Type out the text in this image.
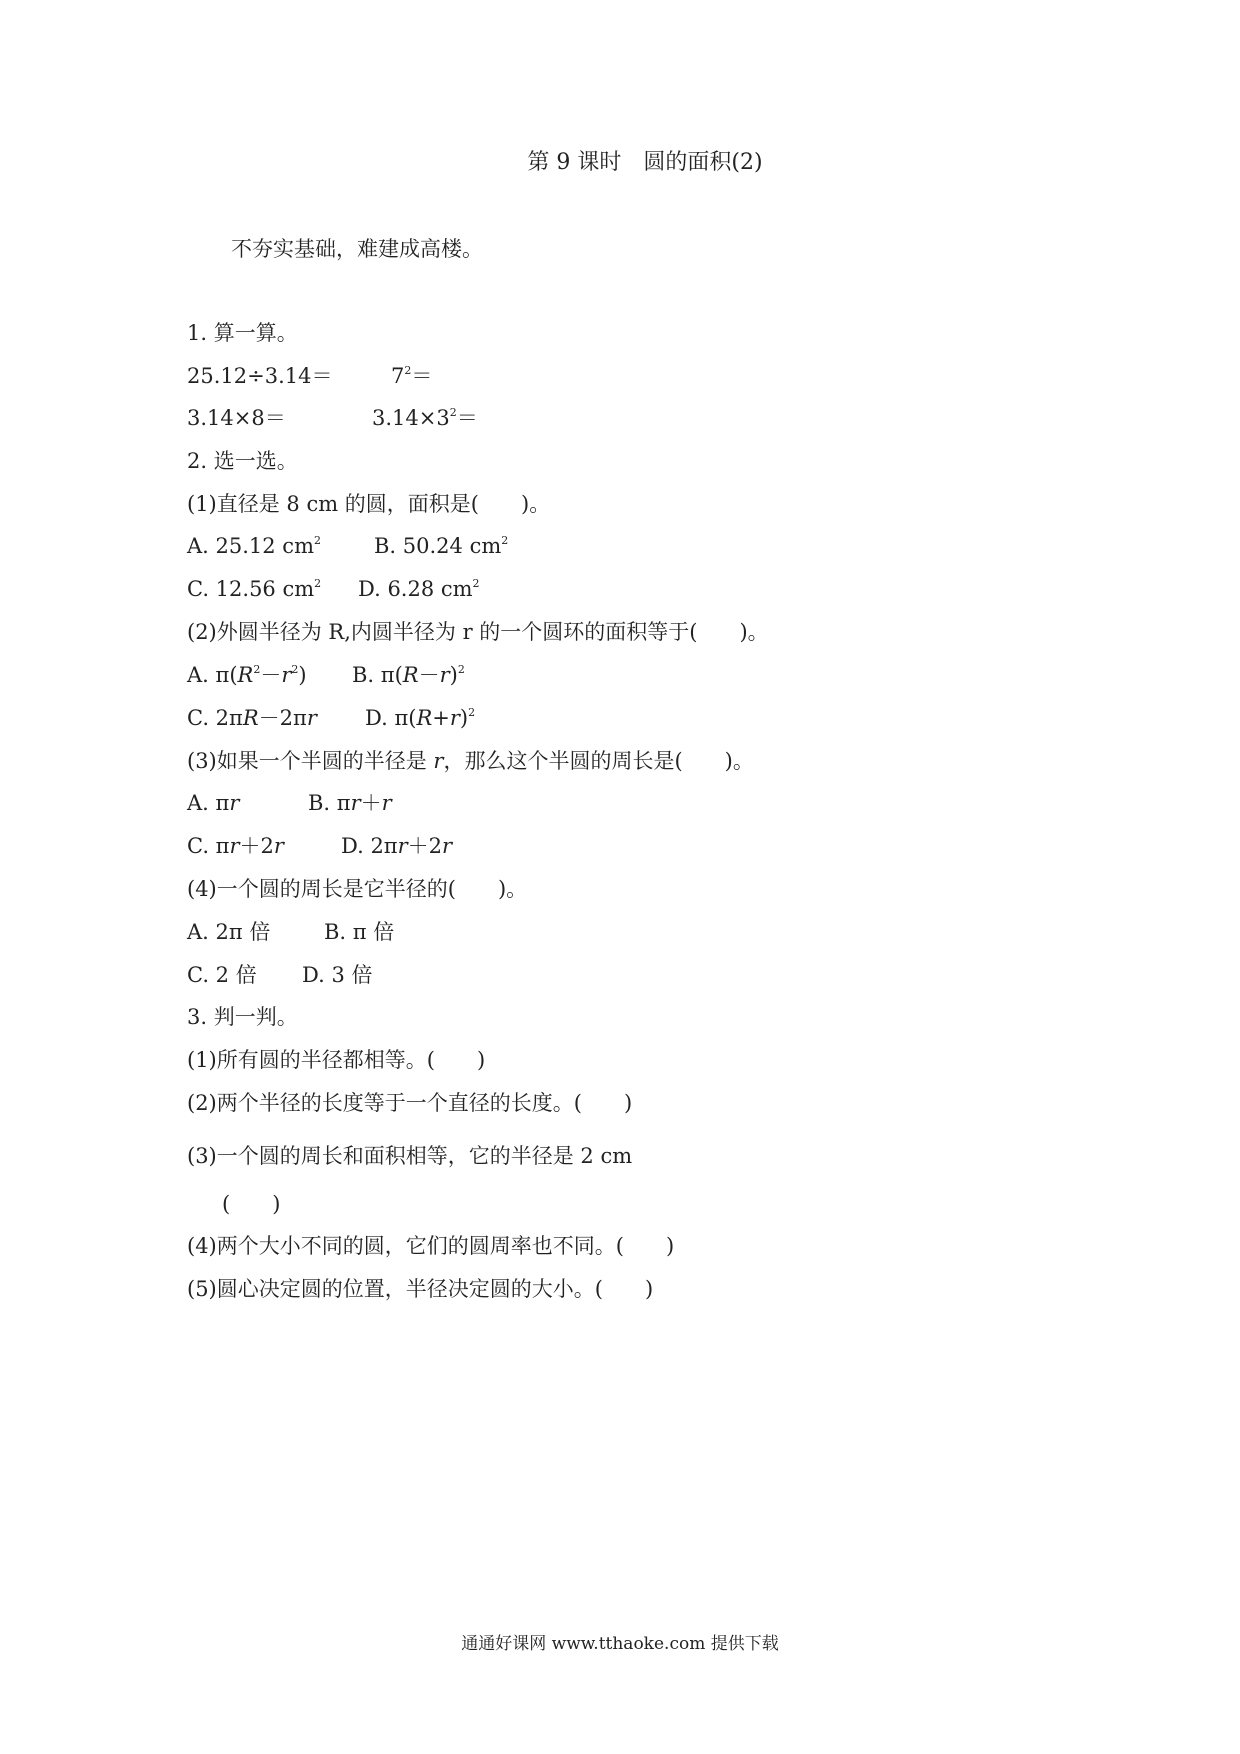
第 9 课时　圆的面积(2)
不夯实基础，难建成高楼。
1. 算一算。
25.12÷3.14＝	$7^2=$
3.14×8＝	$3.14\times 3^2=$
2. 选一选。
(1)直径是 8 cm 的圆，面积是(　　)。
A. 25.12 $cm^2$	B. 50.24 $cm^2$
C. 12.56 $cm^2$ D. 6.28 $cm^2$
(2)外圆半径为 R,内圆半径为 r 的一个圆环的面积等于(　　)。
A. $\pi(R^2-r^2)$ B. $\pi(R-r)^2$
C. 2πR－2πr D. $\pi(R+r)^2$
(3)如果一个半圆的半径是 r，那么这个半圆的周长是(　　)。
A. πr	B. πr＋r
C. πr＋2r	D. 2πr＋2r
(4)一个圆的周长是它半径的(　　)。
A. 2π 倍	B. π 倍
C. 2 倍 D. 3 倍
3. 判一判。
(1)所有圆的半径都相等。(　　)
(2)两个半径的长度等于一个直径的长度。(　　)
(3)一个圆的周长和面积相等，它的半径是 2 cm
(　　)
(4)两个大小不同的圆，它们的圆周率也不同。(　　)
(5)圆心决定圆的位置，半径决定圆的大小。(　　)
通通好课网 www.tthaoke.com 提供下载
